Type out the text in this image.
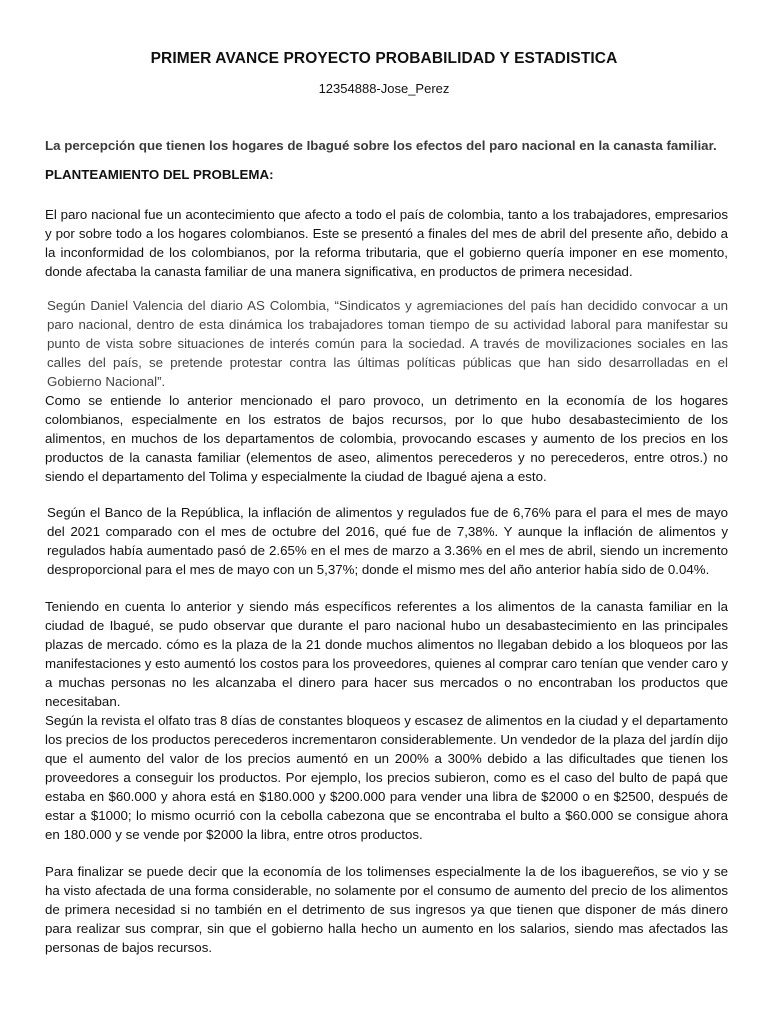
PRIMER AVANCE PROYECTO PROBABILIDAD Y ESTADISTICA
12354888-Jose_Perez
La percepción que tienen los hogares de Ibagué sobre los efectos del paro nacional en la canasta familiar.
PLANTEAMIENTO DEL PROBLEMA:

El paro nacional fue un acontecimiento que afecto a todo el país de colombia, tanto a los trabajadores, empresarios y por sobre todo a los hogares colombianos. Este se presentó a finales del mes de abril del presente año, debido a la inconformidad de los colombianos, por la reforma tributaria, que el gobierno quería imponer en ese momento, donde afectaba la canasta familiar de una manera significativa, en productos de primera necesidad.

Según Daniel Valencia del diario AS Colombia, “Sindicatos y agremiaciones del país han decidido convocar a un paro nacional, dentro de esta dinámica los trabajadores toman tiempo de su actividad laboral para manifestar su punto de vista sobre situaciones de interés común para la sociedad. A través de movilizaciones sociales en las calles del país, se pretende protestar contra las últimas políticas públicas que han sido desarrolladas en el Gobierno Nacional”.

Como se entiende lo anterior mencionado el paro provoco, un detrimento en la economía de los hogares colombianos, especialmente en los estratos de bajos recursos, por lo que hubo desabastecimiento de los alimentos, en muchos de los departamentos de colombia, provocando escases y aumento de los precios en los productos de la canasta familiar (elementos de aseo, alimentos perecederos y no perecederos, entre otros.) no siendo el departamento del Tolima y especialmente la ciudad de Ibagué ajena a esto.

Según el Banco de la República, la inflación de alimentos y regulados fue de 6,76% para el para el mes de mayo del 2021 comparado con el mes de octubre del 2016, qué fue de 7,38%. Y aunque la inflación de alimentos y regulados había aumentado pasó de 2.65% en el mes de marzo a 3.36% en el mes de abril, siendo un incremento desproporcional para el mes de mayo con un 5,37%; donde el mismo mes del año anterior había sido de 0.04%.

Teniendo en cuenta lo anterior y siendo más específicos referentes a los alimentos de la canasta familiar en la ciudad de Ibagué, se pudo observar que durante el paro nacional hubo un desabastecimiento en las principales plazas de mercado. cómo es la plaza de la 21 donde muchos alimentos no llegaban debido a los bloqueos por las manifestaciones y esto aumentó los costos para los proveedores, quienes al comprar caro tenían que vender caro y a muchas personas no les alcanzaba el dinero para hacer sus mercados o no encontraban los productos que necesitaban.

Según la revista el olfato tras 8 días de constantes bloqueos y escasez de alimentos en la ciudad y el departamento los precios de los productos perecederos incrementaron considerablemente. Un vendedor de la plaza del jardín dijo que el aumento del valor de los precios aumentó en un 200% a 300% debido a las dificultades que tienen los proveedores a conseguir los productos. Por ejemplo, los precios subieron, como es el caso del bulto de papá que estaba en $60.000 y ahora está en $180.000 y $200.000 para vender una libra de $2000 o en $2500, después de estar a $1000; lo mismo ocurrió con la cebolla cabezona que se encontraba el bulto a $60.000 se consigue ahora en 180.000 y se vende por $2000 la libra, entre otros productos.

Para finalizar se puede decir que la economía de los tolimenses especialmente la de los ibaguereños, se vio y se ha visto afectada de una forma considerable, no solamente por el consumo de aumento del precio de los alimentos de primera necesidad si no también en el detrimento de sus ingresos ya que tienen que disponer de más dinero para realizar sus comprar, sin que el gobierno halla hecho un aumento en los salarios, siendo mas afectados las personas de bajos recursos.
